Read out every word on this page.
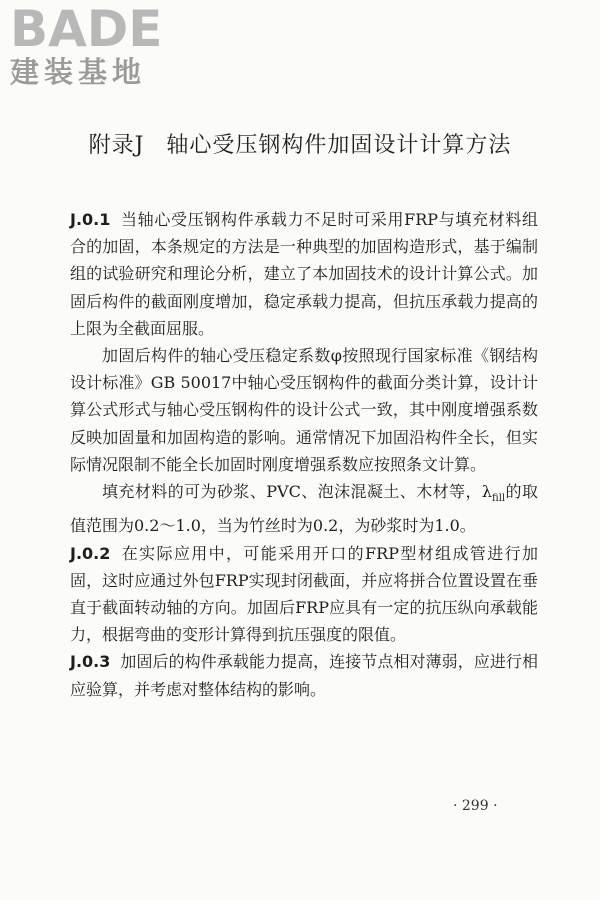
BADE
建装基地
附录J 轴心受压钢构件加固设计计算方法

J.0.1 当轴心受压钢构件承载力不足时可采用FRP与填充材料组合的加固，本条规定的方法是一种典型的加固构造形式，基于编制组的试验研究和理论分析，建立了本加固技术的设计计算公式。加固后构件的截面刚度增加，稳定承载力提高，但抗压承载力提高的上限为全截面屈服。

加固后构件的轴心受压稳定系数φ按照现行国家标准《钢结构设计标准》GB 50017中轴心受压钢构件的截面分类计算，设计计算公式形式与轴心受压钢构件的设计公式一致，其中刚度增强系数反映加固量和加固构造的影响。通常情况下加固沿构件全长，但实际情况限制不能全长加固时刚度增强系数应按照条文计算。

填充材料的可为砂浆、PVC、泡沫混凝土、木材等，$\lambda_{fill}$的取值范围为0.2～1.0，当为竹丝时为0.2，为砂浆时为1.0。

J.0.2 在实际应用中，可能采用开口的FRP型材组成管进行加固，这时应通过外包FRP实现封闭截面，并应将拼合位置设置在垂直于截面转动轴的方向。加固后FRP应具有一定的抗压纵向承载能力，根据弯曲的变形计算得到抗压强度的限值。

J.0.3 加固后的构件承载能力提高，连接节点相对薄弱，应进行相应验算，并考虑对整体结构的影响。

· 299 ·
